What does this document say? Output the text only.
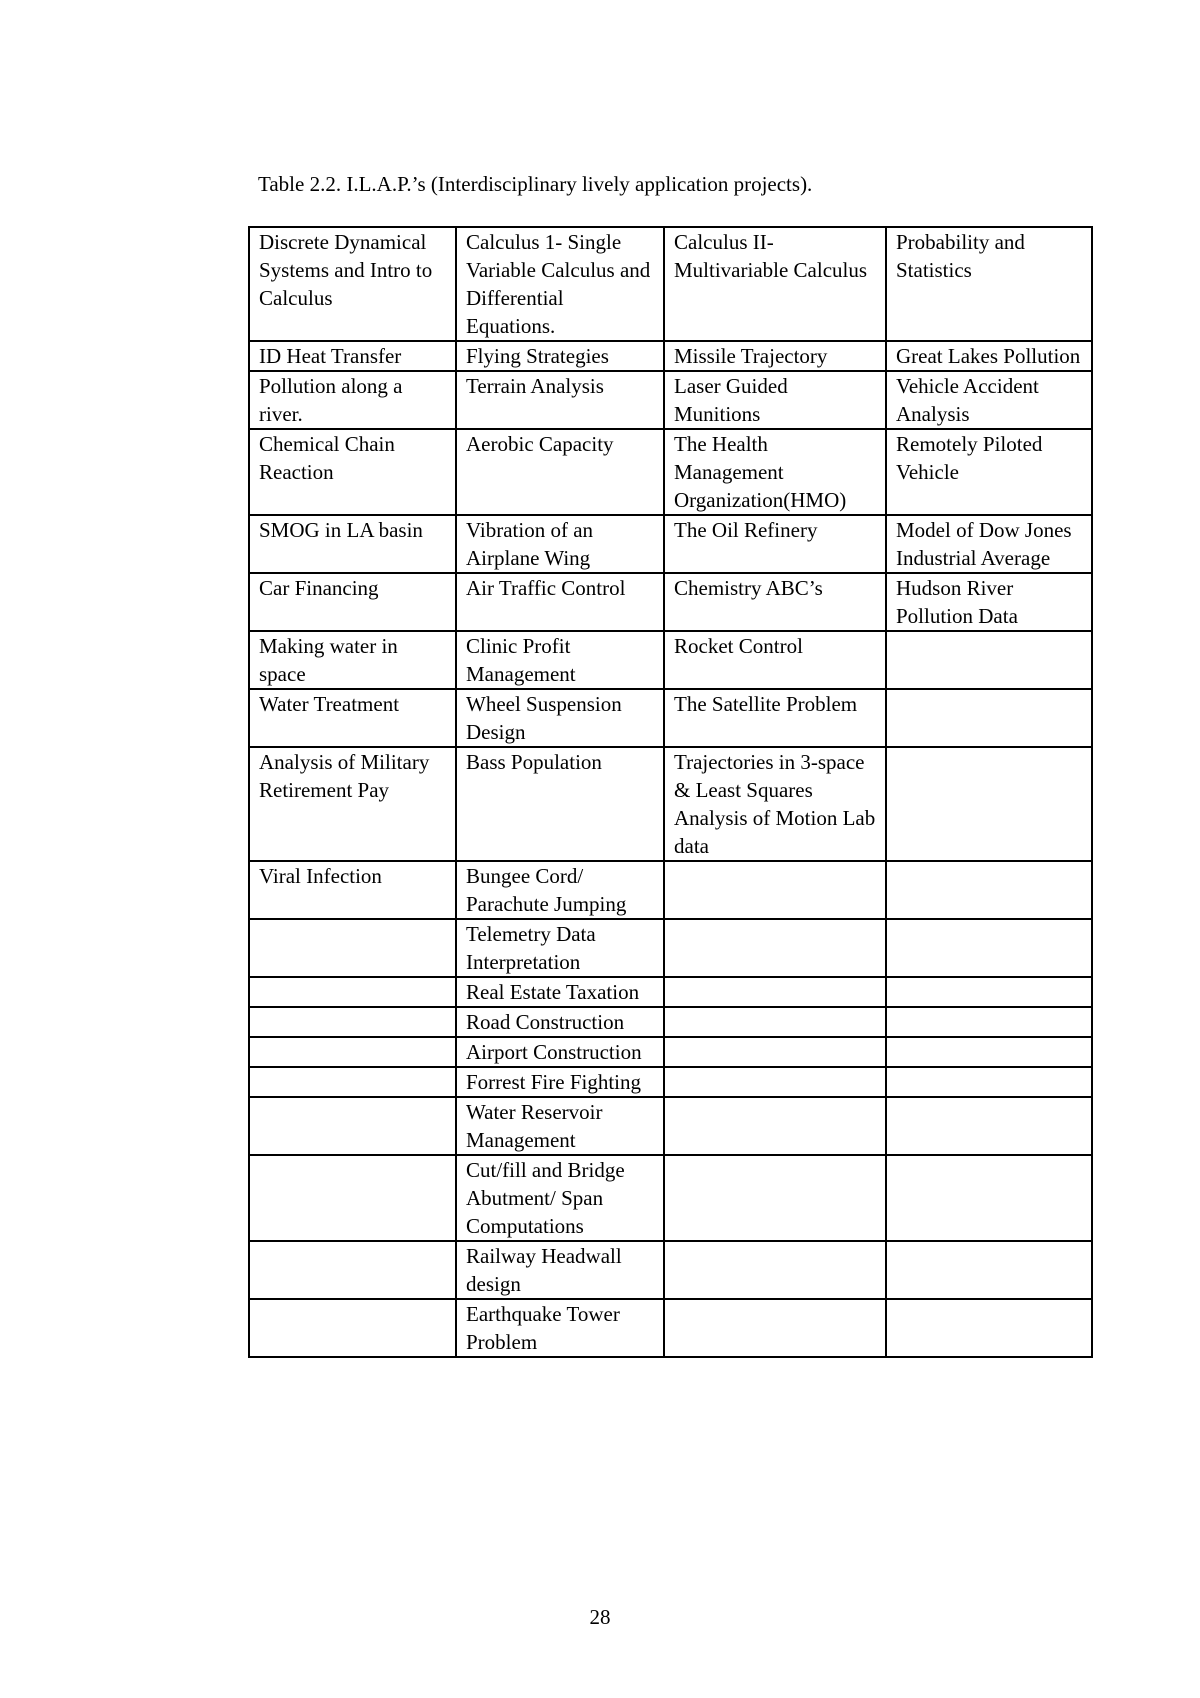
Table 2.2. I.L.A.P.’s (Interdisciplinary lively application projects).
Discrete Dynamical Systems and Intro to Calculus	Calculus 1- Single Variable Calculus and Differential Equations.	Calculus II- Multivariable Calculus	Probability and Statistics
ID Heat Transfer	Flying Strategies	Missile Trajectory	Great Lakes Pollution
Pollution along a river.	Terrain Analysis	Laser Guided Munitions	Vehicle Accident Analysis
Chemical Chain Reaction	Aerobic Capacity	The Health Management Organization(HMO)	Remotely Piloted Vehicle
SMOG in LA basin	Vibration of an Airplane Wing	The Oil Refinery	Model of Dow Jones Industrial Average
Car Financing	Air Traffic Control	Chemistry ABC’s	Hudson River Pollution Data
Making water in space	Clinic Profit Management	Rocket Control	
Water Treatment	Wheel Suspension Design	The Satellite Problem	
Analysis of Military Retirement Pay	Bass Population	Trajectories in 3-space & Least Squares Analysis of Motion Lab data	
Viral Infection	Bungee Cord/ Parachute Jumping		
	Telemetry Data Interpretation		
	Real Estate Taxation		
	Road Construction		
	Airport Construction		
	Forrest Fire Fighting		
	Water Reservoir Management		
	Cut/fill and Bridge Abutment/ Span Computations		
	Railway Headwall design		
	Earthquake Tower Problem		
28
